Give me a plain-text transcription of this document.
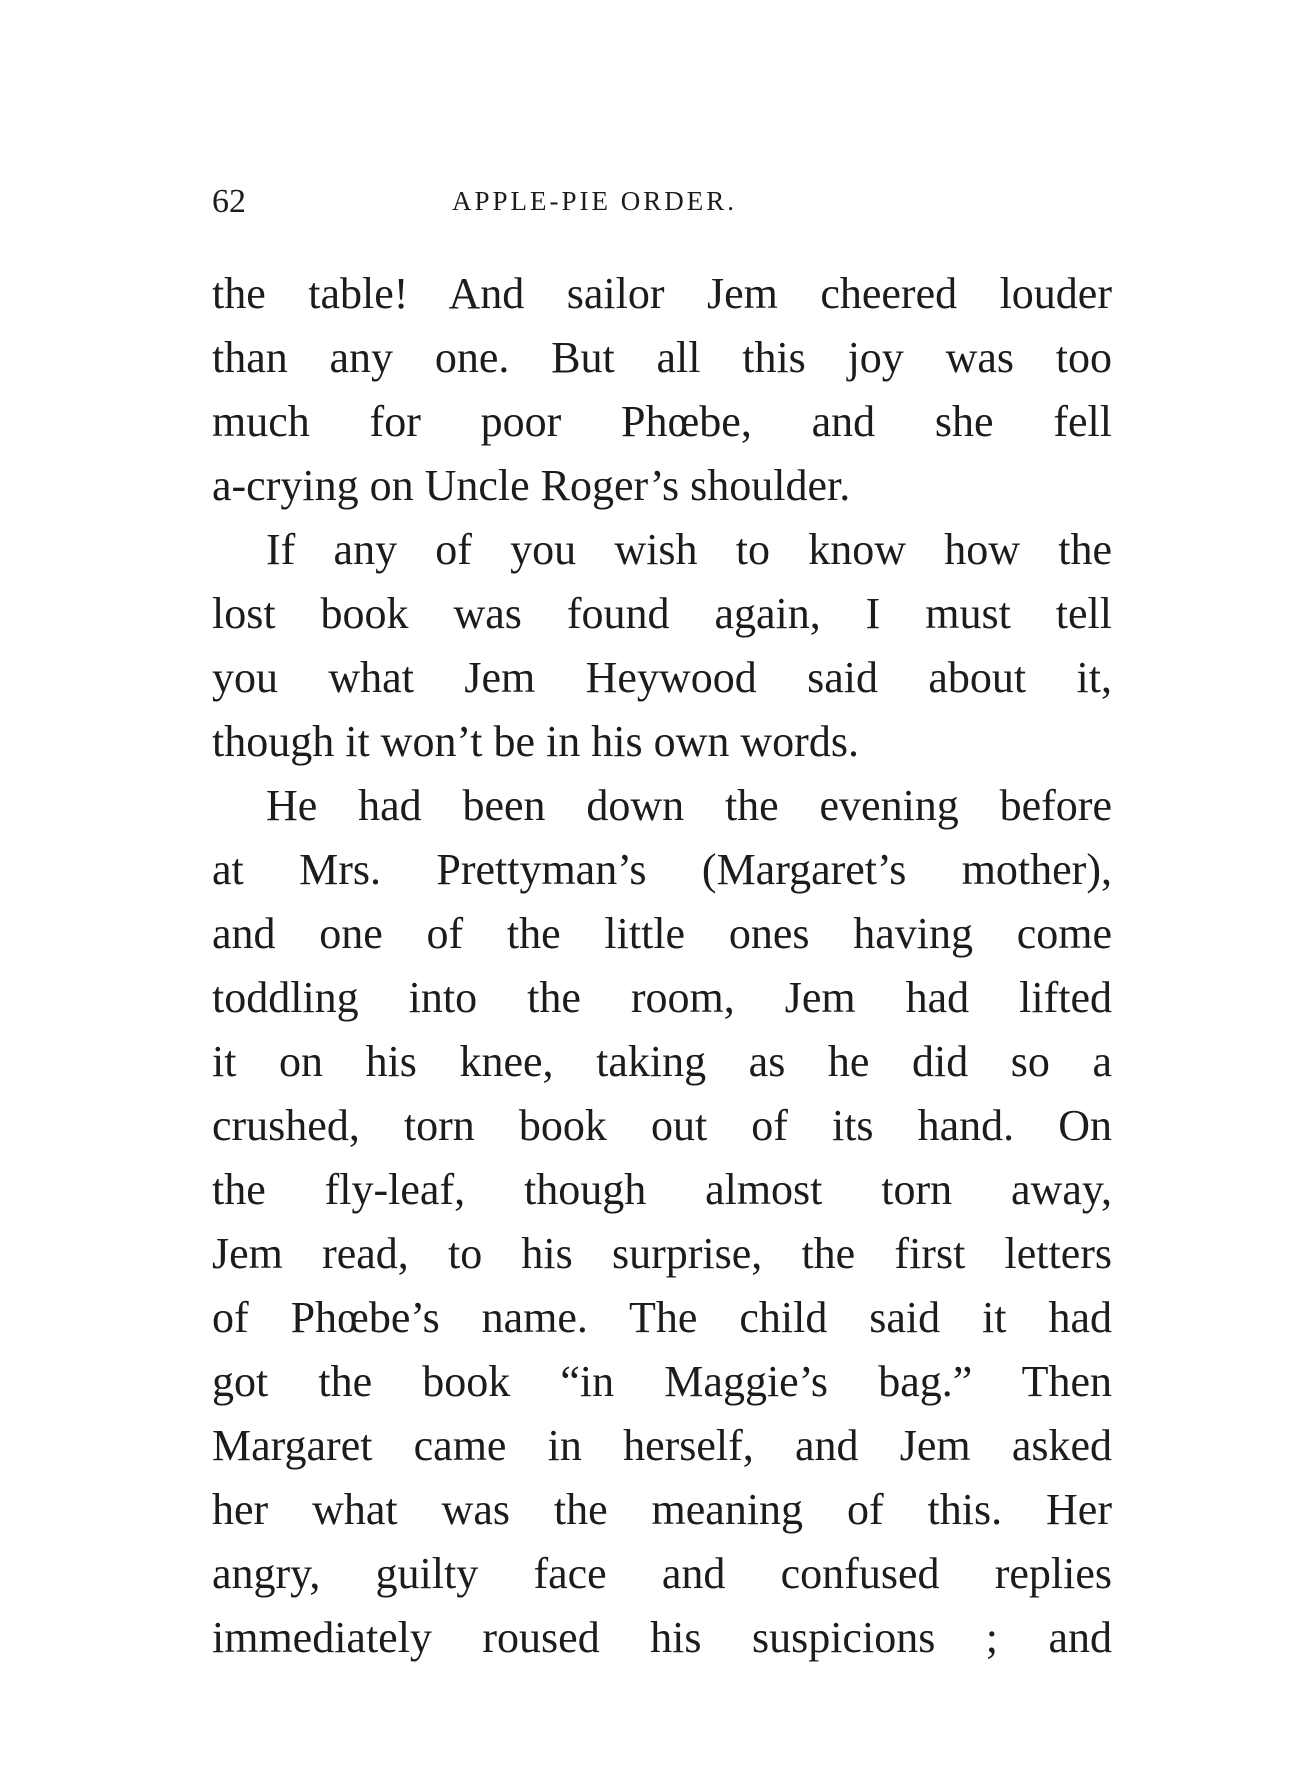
62	APPLE-PIE ORDER.
the table! And sailor Jem cheered louder
than any one. But all this joy was too
much for poor Phœbe, and she fell
a-crying on Uncle Roger’s shoulder.
If any of you wish to know how the
lost book was found again, I must tell
you what Jem Heywood said about it,
though it won’t be in his own words.
He had been down the evening before
at Mrs. Prettyman’s (Margaret’s mother),
and one of the little ones having come
toddling into the room, Jem had lifted
it on his knee, taking as he did so a
crushed, torn book out of its hand. On
the fly-leaf, though almost torn away,
Jem read, to his surprise, the first letters
of Phœbe’s name. The child said it had
got the book “in Maggie’s bag.” Then
Margaret came in herself, and Jem asked
her what was the meaning of this. Her
angry, guilty face and confused replies
immediately roused his suspicions ; and
